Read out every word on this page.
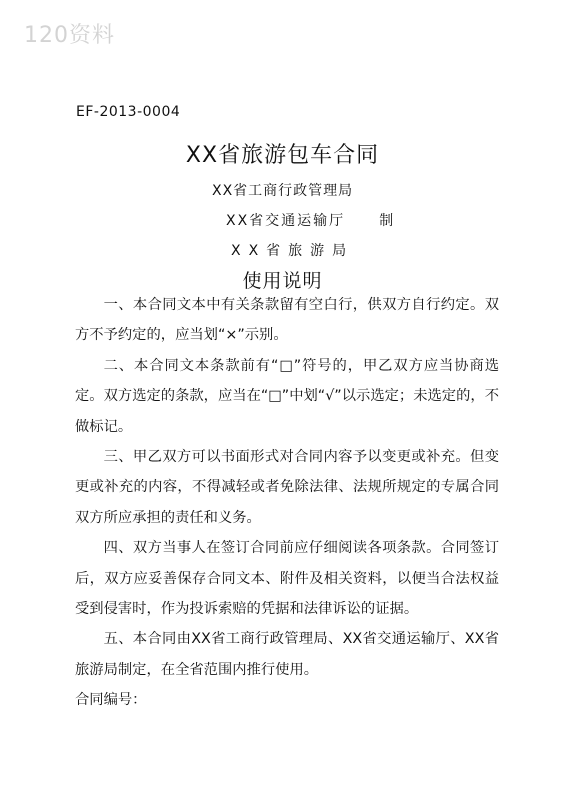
120资料
EF-2013-0004
XX省旅游包车合同
XX省工商行政管理局
XX省交通运输厅 制
XX省旅游局
使用说明

一、本合同文本中有关条款留有空白行，供双方自行约定。双方不予约定的，应当划“×”示别。

二、本合同文本条款前有“□”符号的，甲乙双方应当协商选定。双方选定的条款，应当在“□”中划“√”以示选定；未选定的，不做标记。

三、甲乙双方可以书面形式对合同内容予以变更或补充。但变更或补充的内容，不得减轻或者免除法律、法规所规定的专属合同双方所应承担的责任和义务。

四、双方当事人在签订合同前应仔细阅读各项条款。合同签订后，双方应妥善保存合同文本、附件及相关资料，以便当合法权益受到侵害时，作为投诉索赔的凭据和法律诉讼的证据。

五、本合同由XX省工商行政管理局、XX省交通运输厅、XX省旅游局制定，在全省范围内推行使用。

合同编号：
